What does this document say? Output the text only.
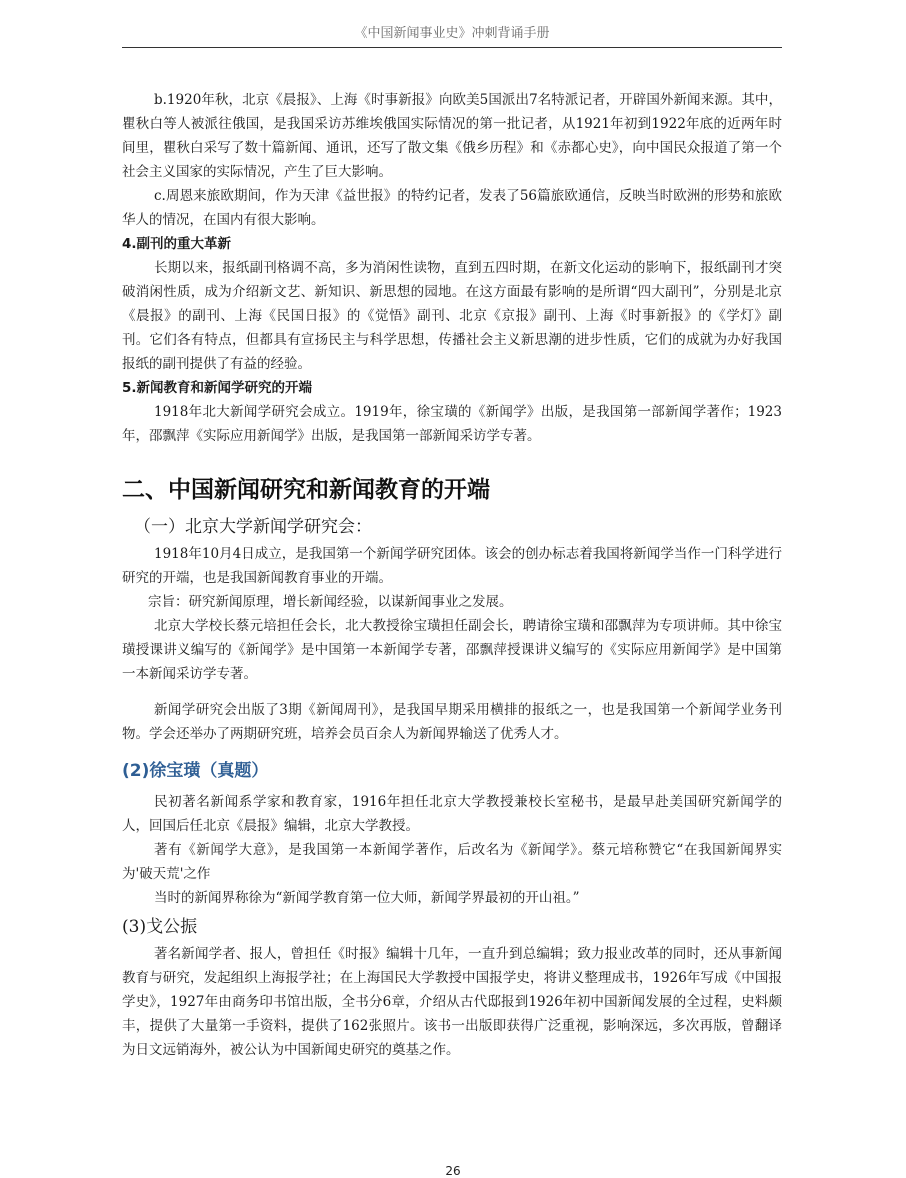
《中国新闻事业史》冲刺背诵手册

b.1920年秋，北京《晨报》、上海《时事新报》向欧美5国派出7名特派记者，开辟国外新闻来源。其中，瞿秋白等人被派往俄国，是我国采访苏维埃俄国实际情况的第一批记者，从1921年初到1922年底的近两年时间里，瞿秋白采写了数十篇新闻、通讯，还写了散文集《俄乡历程》和《赤都心史》，向中国民众报道了第一个社会主义国家的实际情况，产生了巨大影响。

c.周恩来旅欧期间，作为天津《益世报》的特约记者，发表了56篇旅欧通信，反映当时欧洲的形势和旅欧华人的情况，在国内有很大影响。

4.副刊的重大革新

长期以来，报纸副刊格调不高，多为消闲性读物，直到五四时期，在新文化运动的影响下，报纸副刊才突破消闲性质，成为介绍新文艺、新知识、新思想的园地。在这方面最有影响的是所谓“四大副刊”，分别是北京《晨报》的副刊、上海《民国日报》的《觉悟》副刊、北京《京报》副刊、上海《时事新报》的《学灯》副刊。它们各有特点，但都具有宣扬民主与科学思想，传播社会主义新思潮的进步性质，它们的成就为办好我国报纸的副刊提供了有益的经验。

5.新闻教育和新闻学研究的开端

1918年北大新闻学研究会成立。1919年，徐宝璜的《新闻学》出版，是我国第一部新闻学著作；1923年，邵飘萍《实际应用新闻学》出版，是我国第一部新闻采访学专著。

二、中国新闻研究和新闻教育的开端

（一）北京大学新闻学研究会：

1918年10月4日成立，是我国第一个新闻学研究团体。该会的创办标志着我国将新闻学当作一门科学进行研究的开端，也是我国新闻教育事业的开端。

宗旨：研究新闻原理，增长新闻经验，以谋新闻事业之发展。

北京大学校长蔡元培担任会长，北大教授徐宝璜担任副会长，聘请徐宝璜和邵飘萍为专项讲师。其中徐宝璜授课讲义编写的《新闻学》是中国第一本新闻学专著，邵飘萍授课讲义编写的《实际应用新闻学》是中国第一本新闻采访学专著。

新闻学研究会出版了3期《新闻周刊》，是我国早期采用横排的报纸之一，也是我国第一个新闻学业务刊物。学会还举办了两期研究班，培养会员百余人为新闻界输送了优秀人才。

(2)徐宝璜（真题）

民初著名新闻系学家和教育家，1916年担任北京大学教授兼校长室秘书，是最早赴美国研究新闻学的人，回国后任北京《晨报》编辑，北京大学教授。

著有《新闻学大意》，是我国第一本新闻学著作，后改名为《新闻学》。蔡元培称赞它“在我国新闻界实为'破天荒'之作

当时的新闻界称徐为“新闻学教育第一位大师，新闻学界最初的开山祖。”

(3)戈公振

著名新闻学者、报人，曾担任《时报》编辑十几年，一直升到总编辑；致力报业改革的同时，还从事新闻教育与研究，发起组织上海报学社；在上海国民大学教授中国报学史，将讲义整理成书，1926年写成《中国报学史》，1927年由商务印书馆出版，全书分6章，介绍从古代邸报到1926年初中国新闻发展的全过程，史料颇丰，提供了大量第一手资料，提供了162张照片。该书一出版即获得广泛重视，影响深远，多次再版，曾翻译为日文远销海外，被公认为中国新闻史研究的奠基之作。

26
